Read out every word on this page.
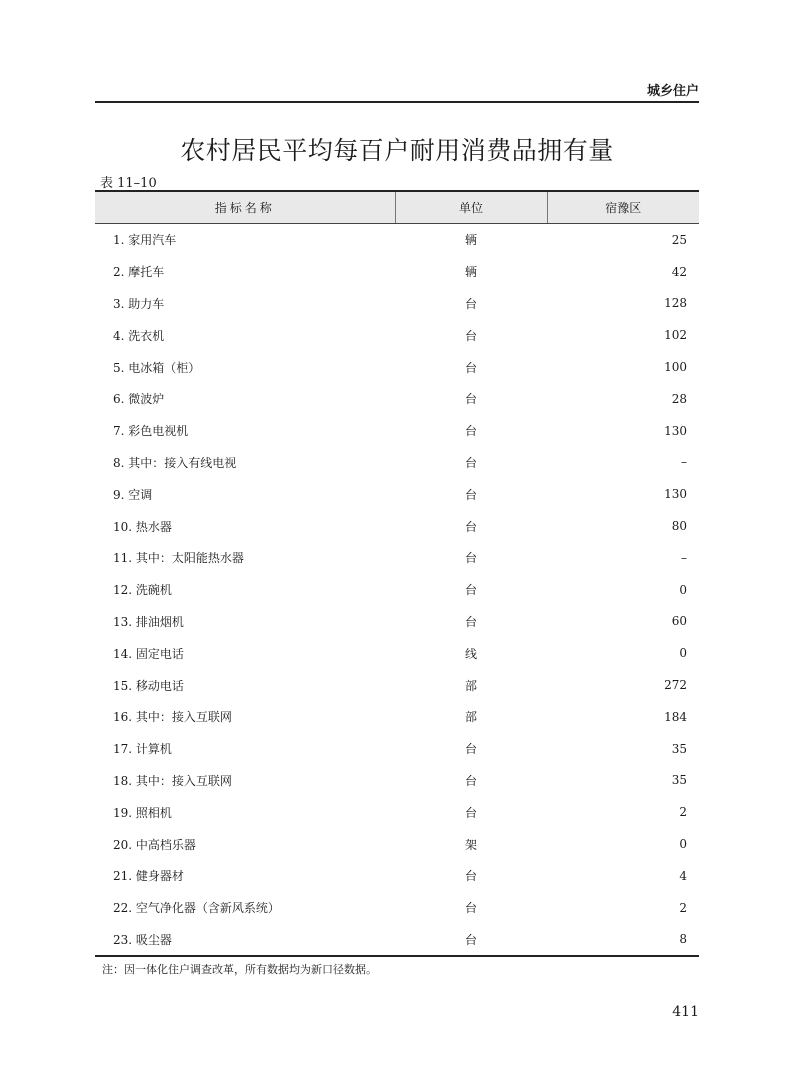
城乡住户
农村居民平均每百户耐用消费品拥有量
表 11–10
指标名称	单位	宿豫区
1. 家用汽车	辆	25
2. 摩托车	辆	42
3. 助力车	台	128
4. 洗衣机	台	102
5. 电冰箱（柜）	台	100
6. 微波炉	台	28
7. 彩色电视机	台	130
8. 其中：接入有线电视	台	–
9. 空调	台	130
10. 热水器	台	80
11. 其中：太阳能热水器	台	–
12. 洗碗机	台	0
13. 排油烟机	台	60
14. 固定电话	线	0
15. 移动电话	部	272
16. 其中：接入互联网	部	184
17. 计算机	台	35
18. 其中：接入互联网	台	35
19. 照相机	台	2
20. 中高档乐器	架	0
21. 健身器材	台	4
22. 空气净化器（含新风系统）	台	2
23. 吸尘器	台	8
注：因一体化住户调查改革，所有数据均为新口径数据。
411
